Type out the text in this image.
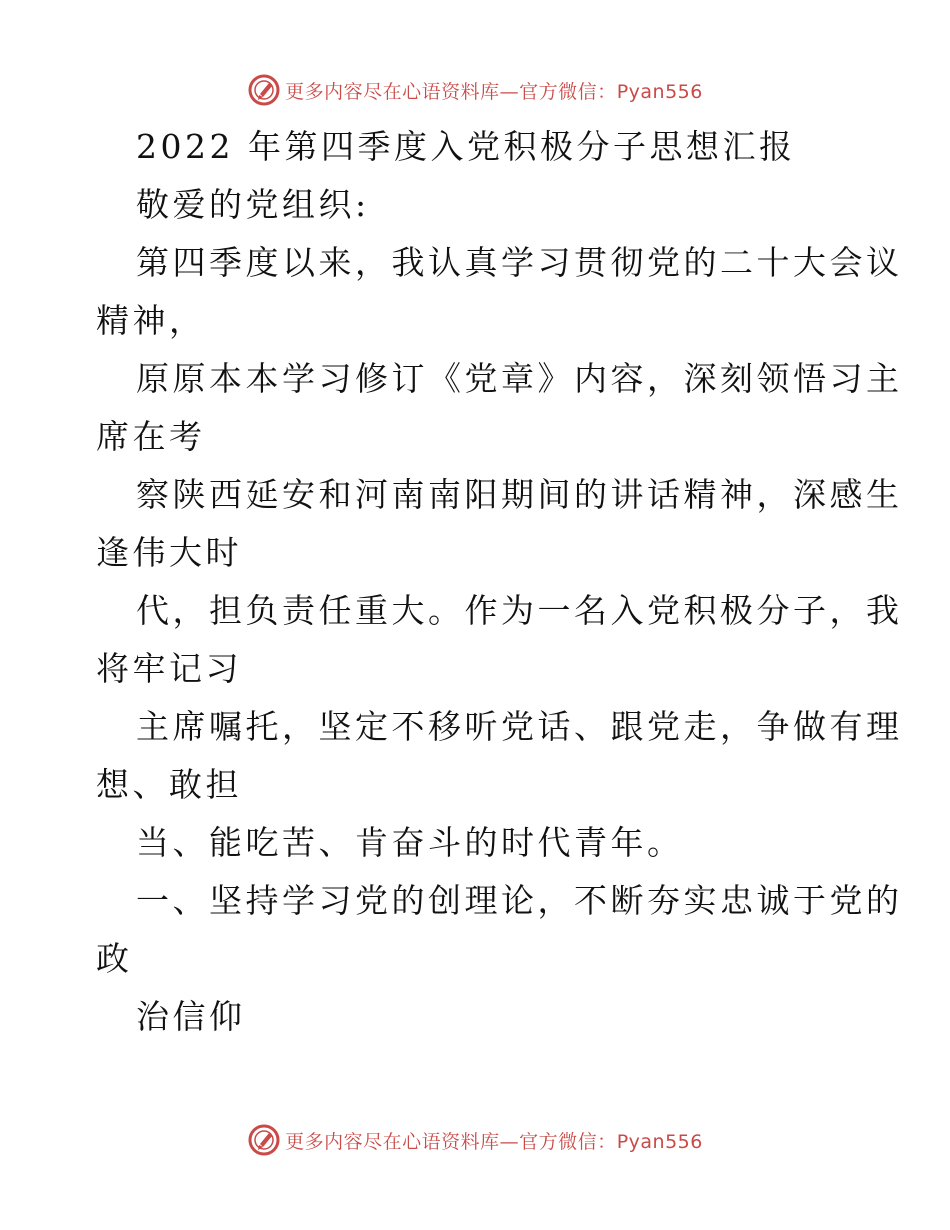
更多内容尽在心语资料库—官方微信：Pyan556
2022 年第四季度入党积极分子思想汇报
敬爱的党组织:
第四季度以来，我认真学习贯彻党的二十大会议
精神，
原原本本学习修订《党章》内容，深刻领悟习主
席在考
察陕西延安和河南南阳期间的讲话精神，深感生
逢伟大时
代，担负责任重大。作为一名入党积极分子，我
将牢记习
主席嘱托，坚定不移听党话、跟党走，争做有理
想、敢担
当、能吃苦、肯奋斗的时代青年。
一、坚持学习党的创理论，不断夯实忠诚于党的
政
治信仰
更多内容尽在心语资料库—官方微信：Pyan556
